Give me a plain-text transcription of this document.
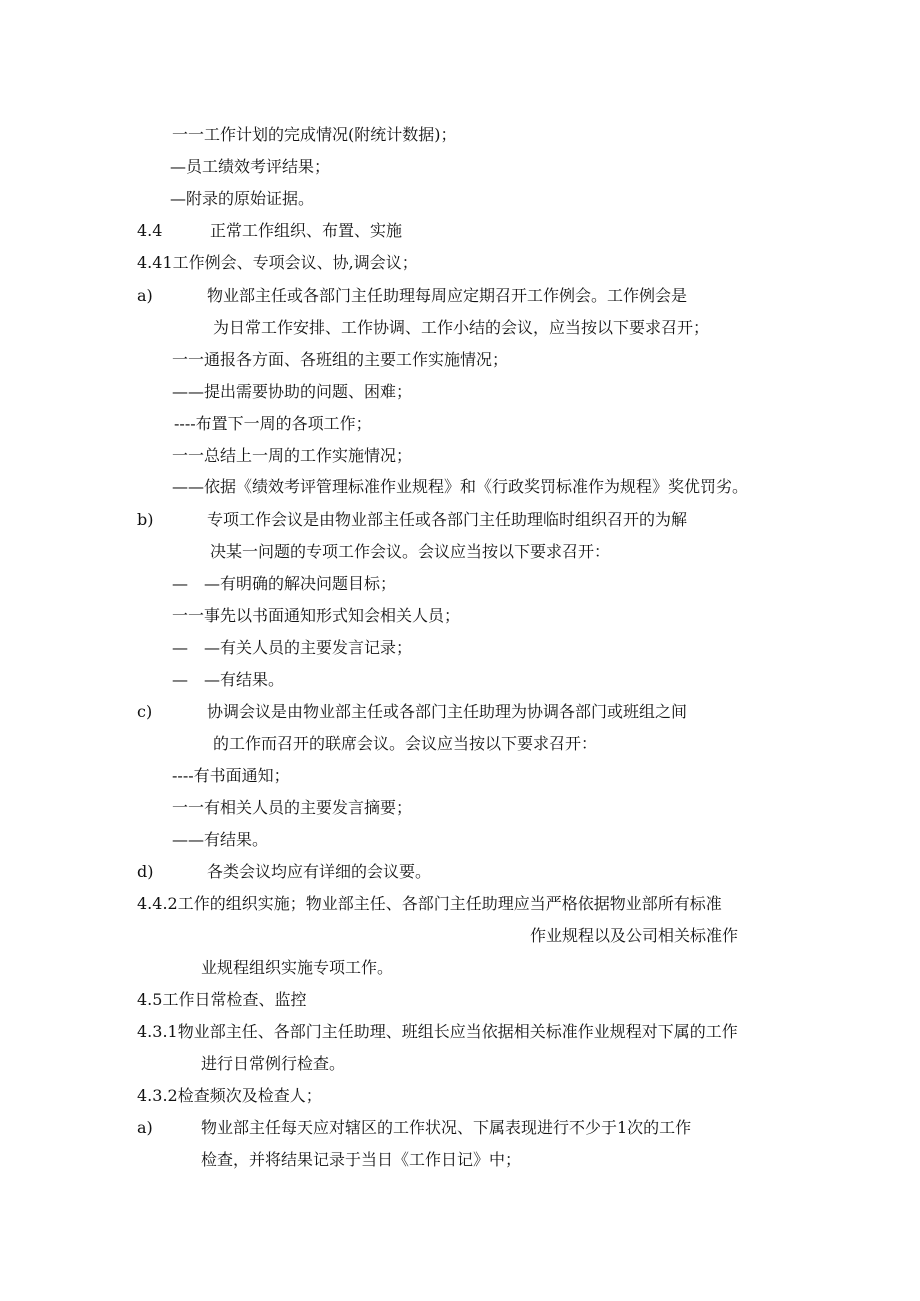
一一工作计划的完成情况(附统计数据)；
—员工绩效考评结果；
—附录的原始证据。
4.4	正常工作组织、布置、实施
4.41工作例会、专项会议、协,调会议；
a)	物业部主任或各部门主任助理每周应定期召开工作例会。工作例会是
为日常工作安排、工作协调、工作小结的会议，应当按以下要求召开；
一一通报各方面、各班组的主要工作实施情况；
——提出需要协助的问题、困难；
----布置下一周的各项工作；
一一总结上一周的工作实施情况；
——依据《绩效考评管理标准作业规程》和《行政奖罚标准作为规程》奖优罚劣。
b)	专项工作会议是由物业部主任或各部门主任助理临时组织召开的为解
决某一问题的专项工作会议。会议应当按以下要求召开：
—　—有明确的解决问题目标；
一一事先以书面通知形式知会相关人员；
—　—有关人员的主要发言记录；
—　—有结果。
c)	协调会议是由物业部主任或各部门主任助理为协调各部门或班组之间
的工作而召开的联席会议。会议应当按以下要求召开：
----有书面通知；
一一有相关人员的主要发言摘要；
——有结果。
d)	各类会议均应有详细的会议要。
4.4.2工作的组织实施；物业部主任、各部门主任助理应当严格依据物业部所有标准
作业规程以及公司相关标准作
业规程组织实施专项工作。
4.5工作日常检查、监控
4.3.1物业部主任、各部门主任助理、班组长应当依据相关标准作业规程对下属的工作
进行日常例行检查。
4.3.2检查频次及检查人；
a)	物业部主任每天应对辖区的工作状况、下属表现进行不少于1次的工作
检查，并将结果记录于当日《工作日记》中；
